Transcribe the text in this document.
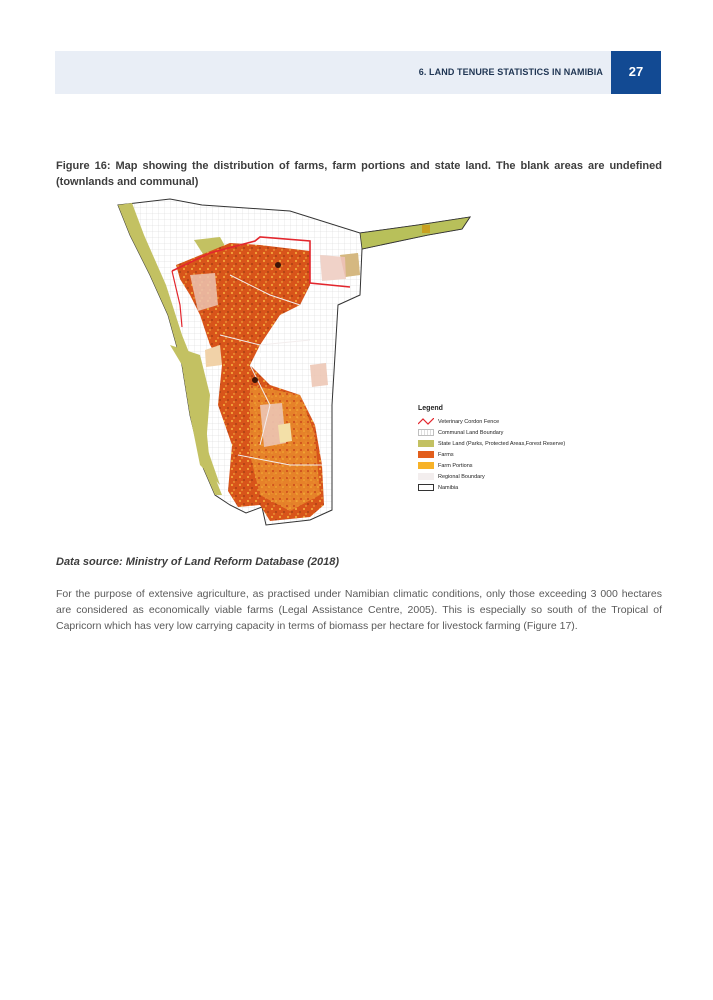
6. LAND TENURE STATISTICS IN NAMIBIA	27
Figure 16: Map showing the distribution of farms, farm portions and state land. The blank areas are undefined (townlands and communal)
Legend
Veterinary Cordon Fence
Communal Land Boundary
State Land (Parks, Protected Areas,Forest Reserve)
Farms
Farm Portions
Regional Boundary
Namibia
Data source: Ministry of Land Reform Database (2018)
For the purpose of extensive agriculture, as practised under Namibian climatic conditions, only those exceeding 3 000 hectares are considered as economically viable farms (Legal Assistance Centre, 2005). This is especially so south of the Tropical of Capricorn which has very low carrying capacity in terms of biomass per hectare for livestock farming (Figure 17).
